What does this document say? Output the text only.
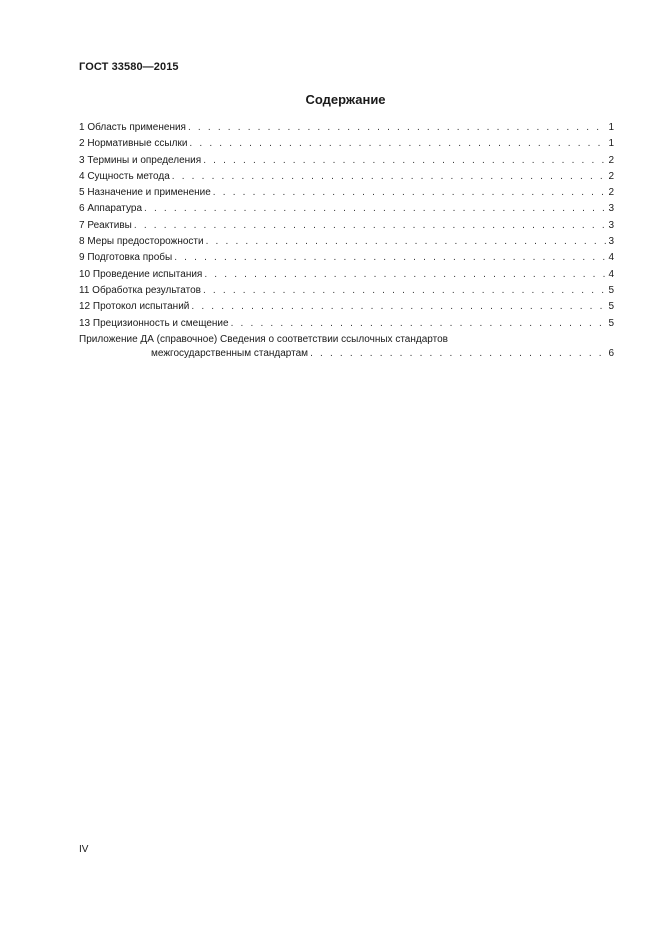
ГОСТ 33580—2015
Содержание
1 Область применения . . .	1
2 Нормативные ссылки . . .	1
3 Термины и определения . . .	2
4 Сущность метода . . .	2
5 Назначение и применение . . .	2
6 Аппаратура . . .	3
7 Реактивы . . .	3
8 Меры предосторожности . . .	3
9 Подготовка пробы . . .	4
10 Проведение испытания . . .	4
11 Обработка результатов . . .	5
12 Протокол испытаний . . .	5
13 Прецизионность и смещение . . .	5
Приложение ДА (справочное) Сведения о соответствии ссылочных стандартов
межгосударственным стандартам . . .	6
IV
